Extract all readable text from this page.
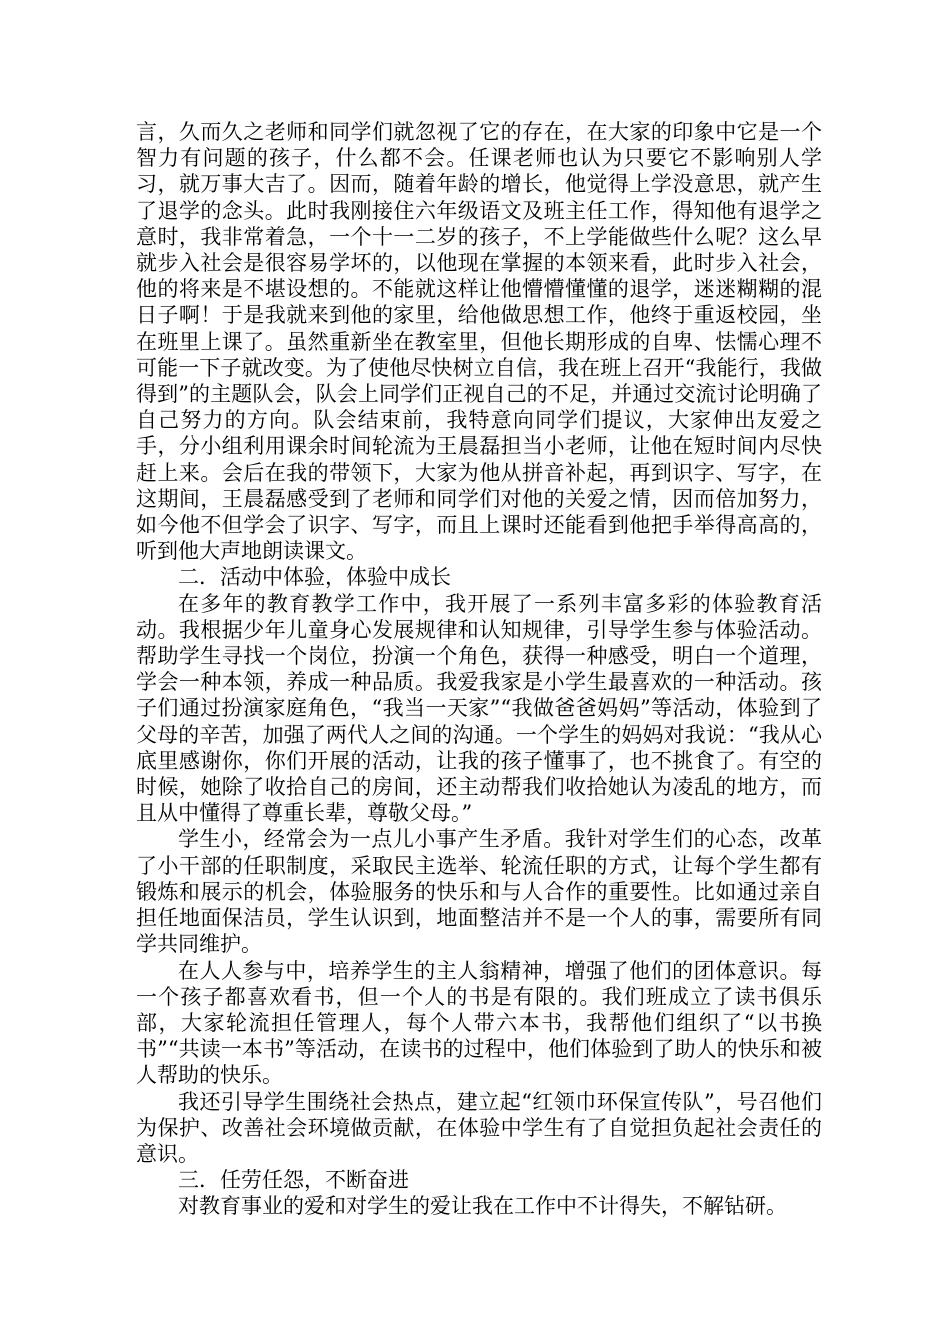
言，久而久之老师和同学们就忽视了它的存在，在大家的印象中它是一个智力有问题的孩子，什么都不会。任课老师也认为只要它不影响别人学习，就万事大吉了。因而，随着年龄的增长，他觉得上学没意思，就产生了退学的念头。此时我刚接住六年级语文及班主任工作，得知他有退学之意时，我非常着急，一个十一二岁的孩子，不上学能做些什么呢？这么早就步入社会是很容易学坏的，以他现在掌握的本领来看，此时步入社会，他的将来是不堪设想的。不能就这样让他懵懵懂懂的退学，迷迷糊糊的混日子啊！于是我就来到他的家里，给他做思想工作，他终于重返校园，坐在班里上课了。虽然重新坐在教室里，但他长期形成的自卑、怯懦心理不可能一下子就改变。为了使他尽快树立自信，我在班上召开“我能行，我做得到”的主题队会，队会上同学们正视自己的不足，并通过交流讨论明确了自己努力的方向。队会结束前，我特意向同学们提议，大家伸出友爱之手，分小组利用课余时间轮流为王晨磊担当小老师，让他在短时间内尽快赶上来。会后在我的带领下，大家为他从拼音补起，再到识字、写字，在这期间，王晨磊感受到了老师和同学们对他的关爱之情，因而倍加努力，如今他不但学会了识字、写字，而且上课时还能看到他把手举得高高的，听到他大声地朗读课文。

二．活动中体验，体验中成长

在多年的教育教学工作中，我开展了一系列丰富多彩的体验教育活动。我根据少年儿童身心发展规律和认知规律，引导学生参与体验活动。帮助学生寻找一个岗位，扮演一个角色，获得一种感受，明白一个道理，学会一种本领，养成一种品质。我爱我家是小学生最喜欢的一种活动。孩子们通过扮演家庭角色，“我当一天家”“我做爸爸妈妈”等活动，体验到了父母的辛苦，加强了两代人之间的沟通。一个学生的妈妈对我说：“我从心底里感谢你，你们开展的活动，让我的孩子懂事了，也不挑食了。有空的时候，她除了收拾自己的房间，还主动帮我们收拾她认为凌乱的地方，而且从中懂得了尊重长辈，尊敬父母。”

学生小，经常会为一点儿小事产生矛盾。我针对学生们的心态，改革了小干部的任职制度，采取民主选举、轮流任职的方式，让每个学生都有锻炼和展示的机会，体验服务的快乐和与人合作的重要性。比如通过亲自担任地面保洁员，学生认识到，地面整洁并不是一个人的事，需要所有同学共同维护。

在人人参与中，培养学生的主人翁精神，增强了他们的团体意识。每一个孩子都喜欢看书，但一个人的书是有限的。我们班成立了读书俱乐部，大家轮流担任管理人，每个人带六本书，我帮他们组织了“以书换书”“共读一本书”等活动，在读书的过程中，他们体验到了助人的快乐和被人帮助的快乐。

我还引导学生围绕社会热点，建立起“红领巾环保宣传队”，号召他们为保护、改善社会环境做贡献，在体验中学生有了自觉担负起社会责任的意识。

三．任劳任怨，不断奋进

对教育事业的爱和对学生的爱让我在工作中不计得失，不解钻研。
